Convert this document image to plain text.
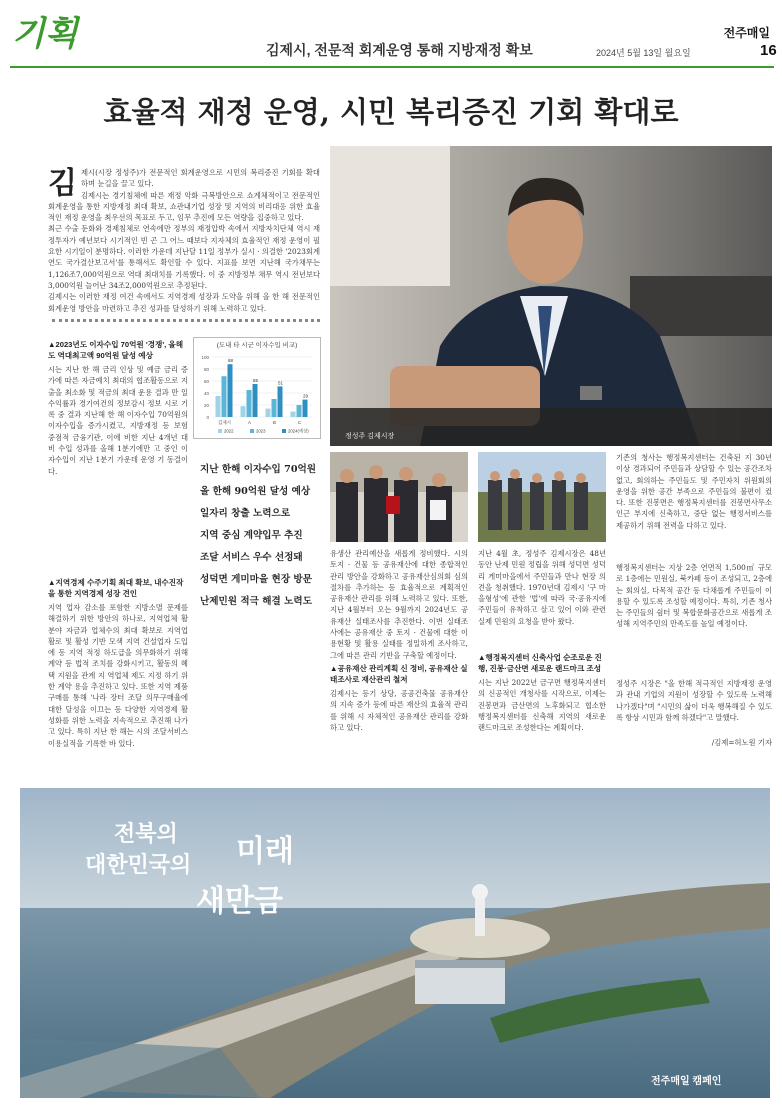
기획	김제시, 전문적 회계운영 통해 지방재정 확보
전주매일
2024년 5월 13일 월요일	16
효율적 재정 운영, 시민 복리증진 기회 확대로
김 제시(시장 정성주)가 전문적인 회계운영으로 시민의 복리증진 기회를 확대하며 눈길을 끌고 있다.

김제시는 경기침체에 따른 재정 악화 극복방안으로 쇼계체적이고 전문적인 회계운영을 통한 지방재정 최대 확보, 쇼관내기업 성장 및 지역의 비리대응 위한 효율적인 재정 운영을 최우선의 목표로 두고, 임무 추진에 모든 역량을 집중하고 있다.

최근 수출 둔화와 경제침체로 연속에만 정부의 재정압박 속에서 지방자치단체 역시 재정투자가 예년보다 시기적인 빈 곤 그 어느 때보다 지자체의 효율적인 재정 운영이 필요한 시기일이 분명하다. 이러한 가운데 지난달 11일 정부가 실시 · 의결한 '2023회계연도 국가결산보고서'를 통해서도 확인할 수 있다. 지표를 보면 지난해 국가채무는 1,126조7,000억원으로 역대 최대치를 기록했다. 이 중 지방정부 채무 역시 전년보다 3,000억원 늘어난 34조2,000억원으로 추정된다.

김제시는 이러한 재정 여건 속에서도 지역경제 성장과 도약을 위해 올 한 해 전문적인 회계운영 방안을 마련하고 추진 성과를 달성하기 위해 노력하고 있다.

정성주 김제시장
▲2023년도 이자수입 70억원 '경쟁', 올해도 역대최고액 90억원 달성 예상
시는 지난 한 해 금리 인상 및 예금 금리 증가에 따른 자금예치 최대의 협조활동으로 지출을 최소화 및 적금의 최대 운용 결과 만 일 수익률과 경기여건의 정보감시 정보 시로 기록 중 결과 지난해 한 해 이자수입 70억원의 이자수입을 증가시켰고, 지방재정 등 보험 중점적 금융기관, 이에 비한 지난 4개년 대비 수입 성과를 올해 1분기에만 고 중인 이자수입이 지난 1분기 가운데 운영 기 동결이다.
▲지역경제 수주기획 최대 확보, 내수진작을 통한 지역경제 성장 견인
지역 업자 감소를 포함한 지방소멸 문제를 해결하기 위한 방안의 하나로, 지역업체 활 분야 자금과 업체수의 최대 확보로 지역업 활로 및 활성 기반 모색 지역 건설업자 도입에 동 지역 적정 하도급을 의무화하기 위해 계약 등 법적 조치를 강화시키고, 활동의 혜택 지원을 관계 지 역업체 제도 지정 하기 위한 계약 용을 추진하고 있다. 또한 지역 제품 구매를 통해 '나라 장터 조달 의무구매율에 대한 달성을 이끄는 등 다양한 지역경제 활성화를 위한 노력을 지속적으로 추진해 나가고 있다. 특히 지난 한 해는 시의 조달서비스 이용실적을 기록한 바 있다.
(도내 타 시군 이자수입 비교)
100
80
60
40
20
0
88
김제시
55
A
51
B
29
C
2022	2023	2024(예상)
지난 한해 이자수입 70억원
올 한해 90억원 달성 예상
일자리 창출 노력으로
지역 중심 계약입무 추진
조달 서비스 우수 선정돼
성덕면 게미마을 현장 방문
난제민원 적극 해결 노력도
유생산 관리예산을 새롭게 정비했다. 시의 토지 · 건물 등 공유재산에 대한 종합적인 관리 방안을 강화하고 공유재산심의회 심의절차를 추가하는 등 효율적으로 계획적인 공유재산 관리를 위해 노력하고 있다. 또한, 지난 4월부터 오는 9월까지 2024년도 공유재산 실태조사를 추진한다. 이번 실태조사에는 공유재산 중 토지 · 건물에 대한 이용현황 및 활용 실태를 정밀하게 조사하고, 그에 따른 관리 기반을 구축할 예정이다.
▲공유재산 관리계획 신 정비, 공유재산 실태조사로 재산관리 철저
김제시는 등기 상당, 공공건축물 공유재산의 지속 증가 등에 따른 재산의 효율적 관리를 위해 시 자체적인 공유재산 관리를 강화하고 있다.
지난 4월 초, 정성주 김제시장은 48년 동안 난제 민원 정립을 위해 성덕면 성덕리 게미마을에서 주민들과 만나 현장 의견을 청취했다. 1970년대 김제시 '구 마을형성'에 관한 '법'에 따라 국·공유지에 주민들이 유착하고 살고 있어 이와 관련 실제 민원의 요청을 받아 왔다.
▲행정복지센터 신축사업 순조로운 진행, 진봉·금산면 새로운 랜드마크 조성
시는 지난 2022년 금구면 행정복지센터의 신공적인 개청사를 시작으로, 이제는 진봉면과 금산면의 노후화되고 협소한 행정복지센터를 신축해 지역의 새로운 랜드마크로 조성한다는 계획이다.
기존의 청사는 행정복지센터는 건축된 지 30년 이상 경과되어 주민들과 상담할 수 있는 공간조차 없고, 회의하는 주민들도 및 주민자치 위원회의 운영을 위한 공간 부족으로 주민들의 불편이 컸다. 또한 진봉면은 행정복지센터를 진봉면사무소 인근 부지에 신축하고, 중단 없는 행정서비스를 제공하기 위해 전력을 다하고 있다.
행정복지센터는 지상 2층 연면적 1,500㎡ 규모로 1층에는 민원실, 북카페 등이 조성되고, 2층에는 회의실, 다목적 공간 등 다채롭게 주민들이 이용할 수 있도록 조성할 예정이다. 특히, 기존 청사는 주민들의 쉼터 및 복합문화공간으로 새롭게 조성해 지역주민의 만족도를 높일 예정이다.
정성주 시장은 "올 한해 적극적인 지방재정 운영과 관내 기업의 지원이 성장할 수 있도록 노력해 나가겠다"며 "시민의 삶이 더욱 행복해질 수 있도록 항상 시민과 함께 하겠다"고 말했다.
/김제=허노원 기자
전북의
대한민국의 미래
새만금
전주매일 캠페인
